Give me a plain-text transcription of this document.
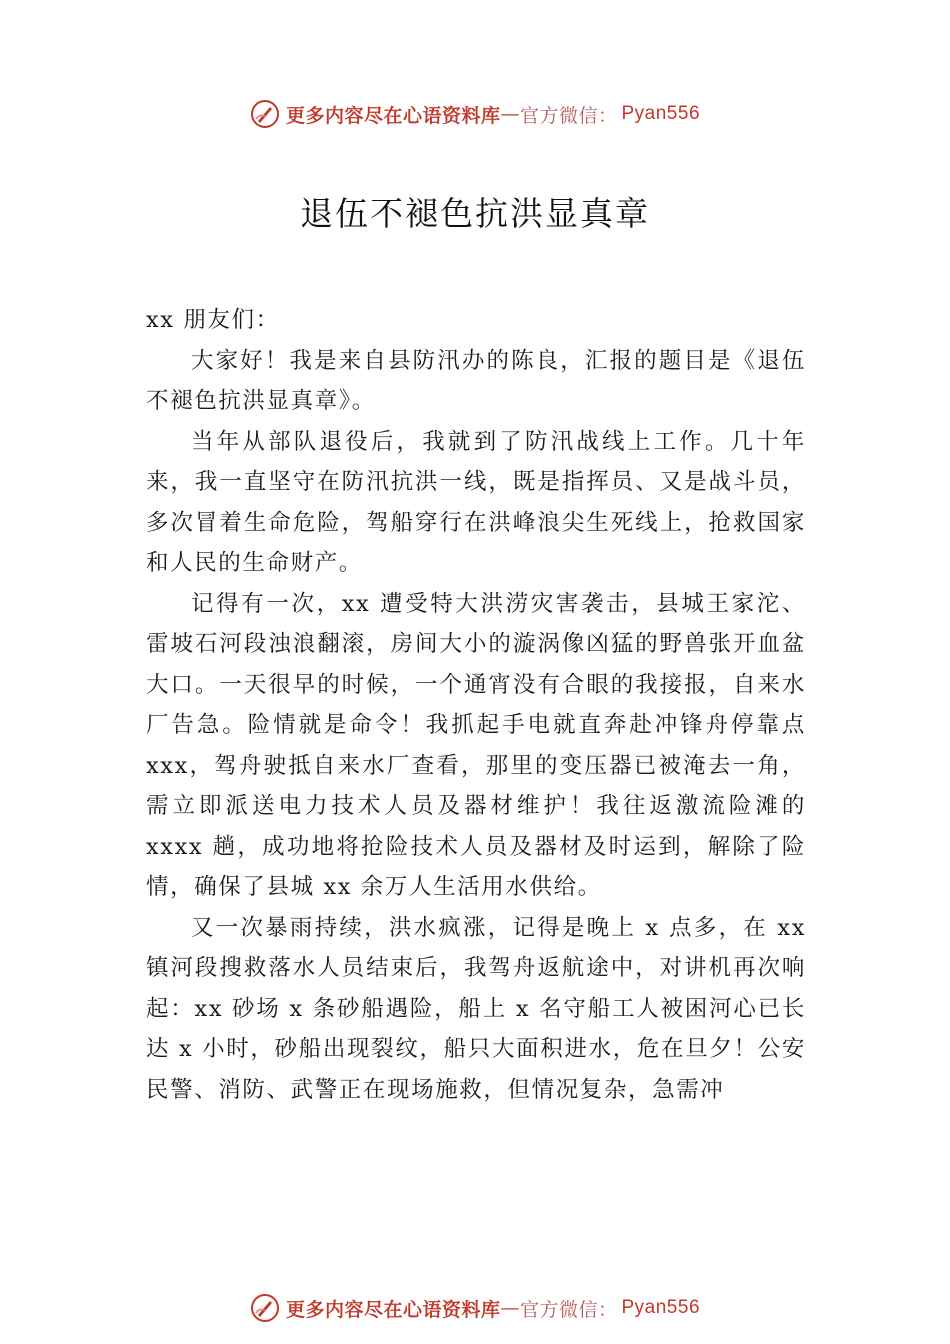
更多内容尽在心语资料库 — 官方微信： Pyan556
退伍不褪色抗洪显真章

xx 朋友们：

大家好！我是来自县防汛办的陈良，汇报的题目是《退伍不褪色抗洪显真章》。

当年从部队退役后，我就到了防汛战线上工作。几十年来，我一直坚守在防汛抗洪一线，既是指挥员、又是战斗员，多次冒着生命危险，驾船穿行在洪峰浪尖生死线上，抢救国家和人民的生命财产。

记得有一次，xx 遭受特大洪涝灾害袭击，县城王家沱、雷坡石河段浊浪翻滚，房间大小的漩涡像凶猛的野兽张开血盆大口。一天很早的时候，一个通宵没有合眼的我接报，自来水厂告急。险情就是命令！我抓起手电就直奔赴冲锋舟停靠点 xxx，驾舟驶抵自来水厂查看，那里的变压器已被淹去一角，需立即派送电力技术人员及器材维护！我往返激流险滩的 xxxx 趟，成功地将抢险技术人员及器材及时运到，解除了险情，确保了县城 xx 余万人生活用水供给。

又一次暴雨持续，洪水疯涨，记得是晚上 x 点多，在 xx 镇河段搜救落水人员结束后，我驾舟返航途中，对讲机再次响起：xx 砂场 x 条砂船遇险，船上 x 名守船工人被困河心已长达 x 小时，砂船出现裂纹，船只大面积进水，危在旦夕！公安民警、消防、武警正在现场施救，但情况复杂，急需冲

更多内容尽在心语资料库 — 官方微信： Pyan556
